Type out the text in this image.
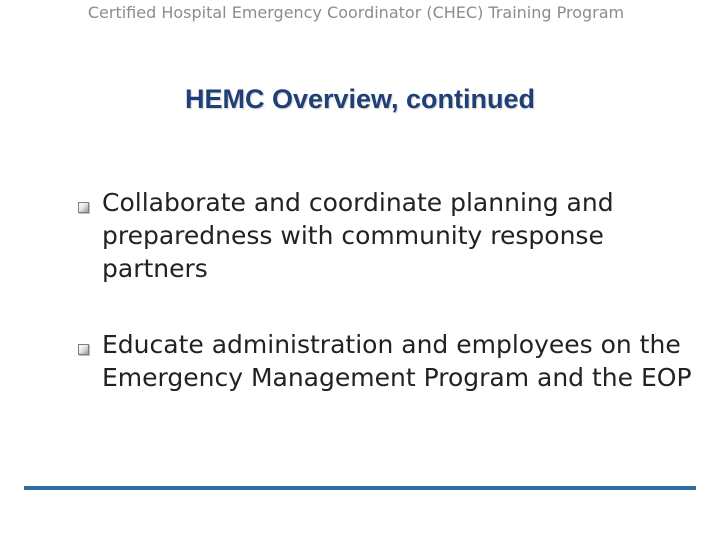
Certified Hospital Emergency Coordinator (CHEC) Training Program
HEMC Overview, continued
Collaborate and coordinate planning and preparedness with community response partners
Educate administration and employees on the Emergency Management Program and the EOP
